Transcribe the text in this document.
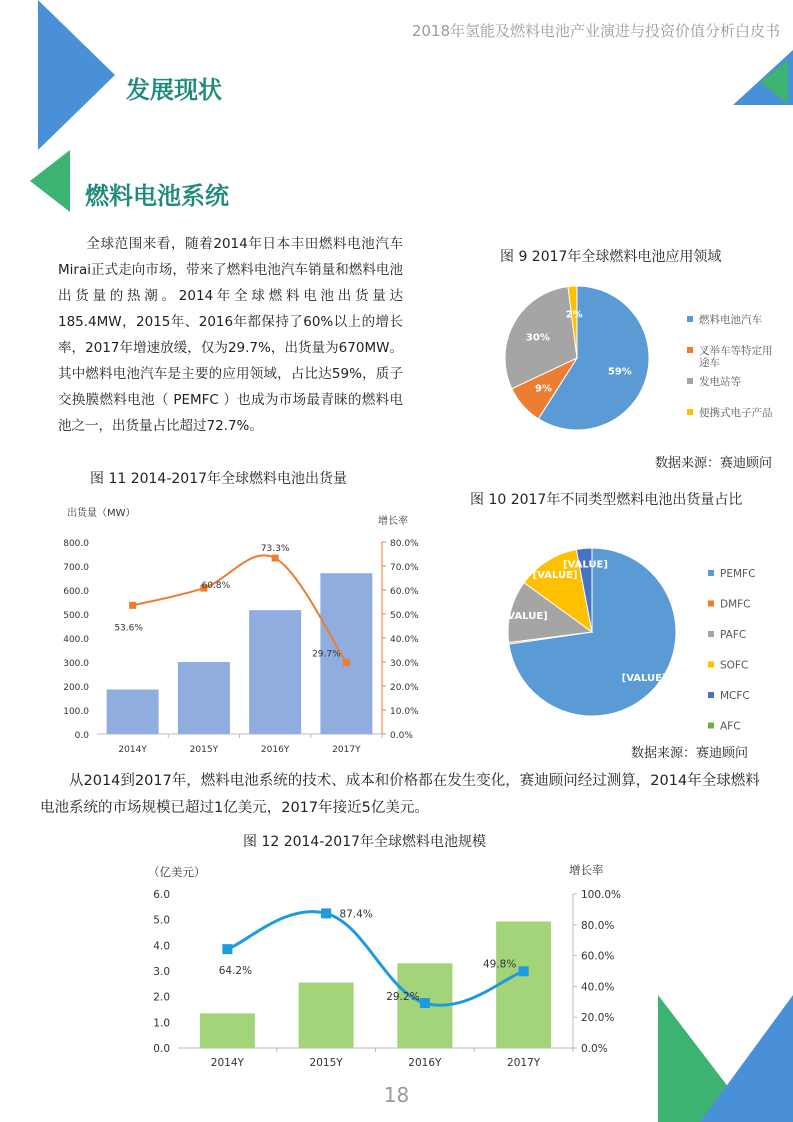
2018年氢能及燃料电池产业演进与投资价值分析白皮书
发展现状
燃料电池系统
全球范围来看，随着2014年日本丰田燃料电池汽车Mirai正式走向市场，带来了燃料电池汽车销量和燃料电池出货量的热潮。2014年全球燃料电池出货量达185.4MW，2015年、2016年都保持了60%以上的增长率，2017年增速放缓，仅为29.7%，出货量为670MW。其中燃料电池汽车是主要的应用领域，占比达59%，质子交换膜燃料电池（ PEMFC ）也成为市场最青睐的燃料电池之一，出货量占比超过72.7%。
图 9 2017年全球燃料电池应用领域
59%
燃料电池汽车
9%
叉举车等特定用
途车
30%
发电站等
2%
便携式电子产品
数据来源：赛迪顾问
图 11 2014-2017年全球燃料电池出货量
出货量（MW）
增长率
0.0
100.0
200.0
300.0
400.0
500.0
600.0
700.0
800.0
0.0%
10.0%
20.0%
30.0%
40.0%
50.0%
60.0%
70.0%
80.0%
2014Y	2015Y	2016Y	2017Y
53.6%
60.8%
73.3%
29.7%
图 10 2017年不同类型燃料电池出货量占比
[VALUE]
PEMFC
DMFC
[VALUE]
PAFC
[VALUE]
SOFC
[VALUE]
MCFC
AFC
数据来源：赛迪顾问
从2014到2017年，燃料电池系统的技术、成本和价格都在发生变化，赛迪顾问经过测算，2014年全球燃料电池系统的市场规模已超过1亿美元，2017年接近5亿美元。
图 12 2014-2017年全球燃料电池规模
（亿美元）	增长率
0.0
1.0
2.0
3.0
4.0
5.0
6.0
0.0%
20.0%
40.0%
60.0%
80.0%
100.0%
2014Y	2015Y	2016Y	2017Y
64.2%
87.4%
29.2%
49.8%
18
